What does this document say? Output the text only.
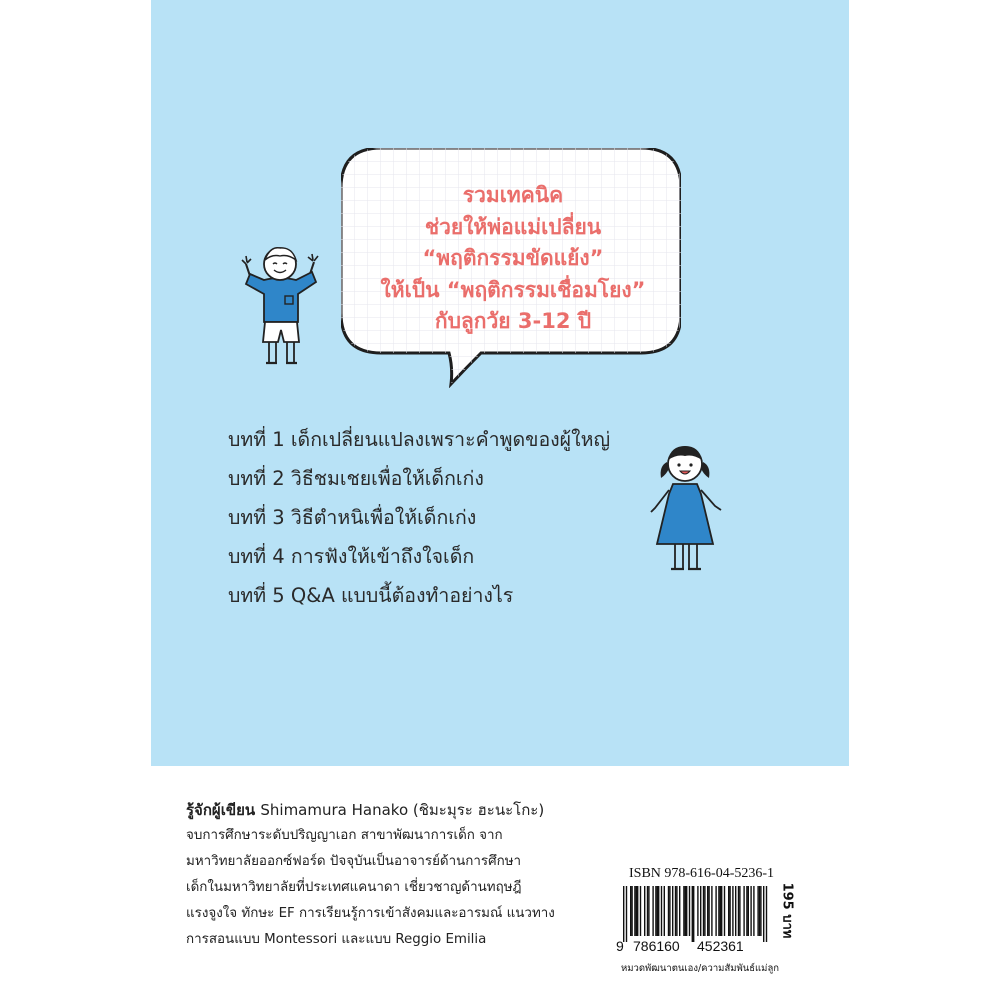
รวมเทคนิค
ช่วยให้พ่อแม่เปลี่ยน
“พฤติกรรมขัดแย้ง”
ให้เป็น “พฤติกรรมเชื่อมโยง”
กับลูกวัย 3-12 ปี
บทที่ 1 เด็กเปลี่ยนแปลงเพราะคำพูดของผู้ใหญ่
บทที่ 2 วิธีชมเชยเพื่อให้เด็กเก่ง
บทที่ 3 วิธีตำหนิเพื่อให้เด็กเก่ง
บทที่ 4 การฟังให้เข้าถึงใจเด็ก
บทที่ 5 Q&A แบบนี้ต้องทำอย่างไร
รู้จักผู้เขียน Shimamura Hanako (ชิมะมุระ ฮะนะโกะ)
จบการศึกษาระดับปริญญาเอก สาขาพัฒนาการเด็ก จาก
มหาวิทยาลัยออกซ์ฟอร์ด ปัจจุบันเป็นอาจารย์ด้านการศึกษา
เด็กในมหาวิทยาลัยที่ประเทศแคนาดา เชี่ยวชาญด้านทฤษฎี
แรงจูงใจ ทักษะ EF การเรียนรู้การเข้าสังคมและอารมณ์ แนวทาง
การสอนแบบ Montessori และแบบ Reggio Emilia
ISBN 978-616-04-5236-1
9 786160 452361
195 บาท
หมวดพัฒนาตนเอง/ความสัมพันธ์แม่ลูก
